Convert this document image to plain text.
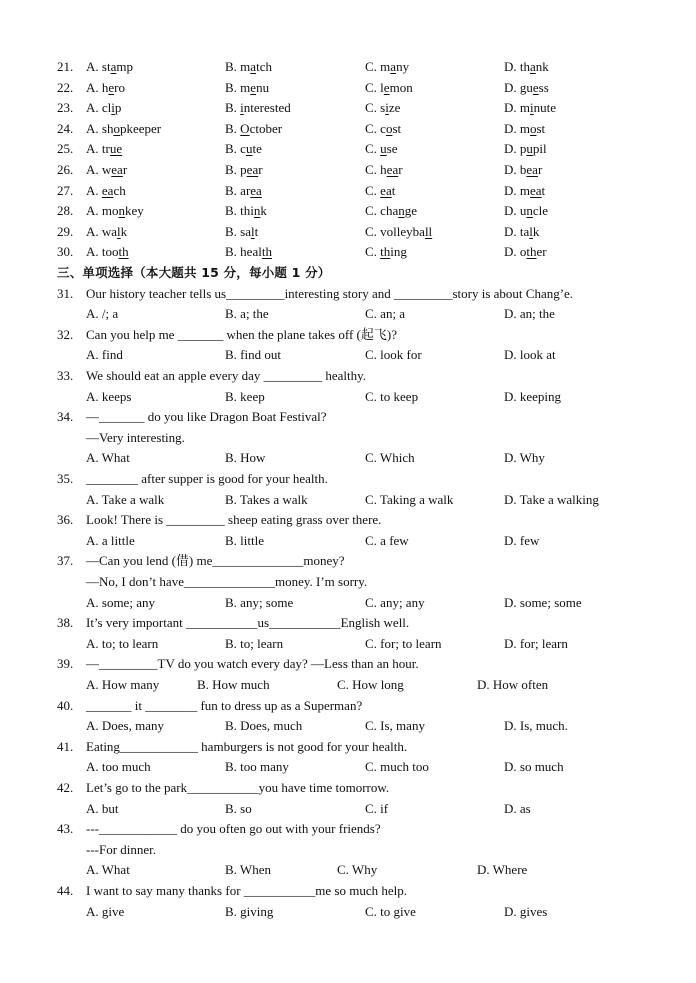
21. A. stamp	B. match	C. many	D. thank
22. A. hero	B. menu	C. lemon	D. guess
23. A. clip	B. interested	C. size	D. minute
24. A. shopkeeper	B. October	C. cost	D. most
25. A. true	B. cute	C. use	D. pupil
26. A. wear	B. pear	C. hear	D. bear
27. A. each	B. area	C. eat	D. meat
28. A. monkey	B. think	C. change	D. uncle
29. A. walk	B. salt	C. volleyball	D. talk
30. A. tooth	B. health	C. thing	D. other
三、单项选择（本大题共 15 分，每小题 1 分）
31. Our history teacher tells us_________interesting story and _________story is about Chang’e.
A. /; a	B. a; the	C. an; a	D. an; the
32. Can you help me _______ when the plane takes off (起飞)?
A. find	B. find out	C. look for	D. look at
33. We should eat an apple every day _________ healthy.
A. keeps	B. keep	C. to keep	D. keeping
34. —_______ do you like Dragon Boat Festival?
—Very interesting.
A. What	B. How	C. Which	D. Why
35. ________ after supper is good for your health.
A. Take a walk	B. Takes a walk	C. Taking a walk	D. Take a walking
36. Look! There is _________ sheep eating grass over there.
A. a little	B. little	C. a few	D. few
37. —Can you lend (借) me______________money?
—No, I don’t have______________money. I’m sorry.
A. some; any	B. any; some	C. any; any	D. some; some
38. It’s very important ___________us___________English well.
A. to; to learn	B. to; learn	C. for; to learn	D. for; learn
39. —_________TV do you watch every day? —Less than an hour.
A. How many	B. How much	C. How long	D. How often
40. _______ it ________ fun to dress up as a Superman?
A. Does, many	B. Does, much	C. Is, many	D. Is, much.
41. Eating____________ hamburgers is not good for your health.
A. too much	B. too many	C. much too	D. so much
42. Let’s go to the park___________you have time tomorrow.
A. but	B. so	C. if	D. as
43. ---____________ do you often go out with your friends?
---For dinner.
A. What	B. When	C. Why	D. Where
44. I want to say many thanks for ___________me so much help.
A. give	B. giving	C. to give	D. gives
